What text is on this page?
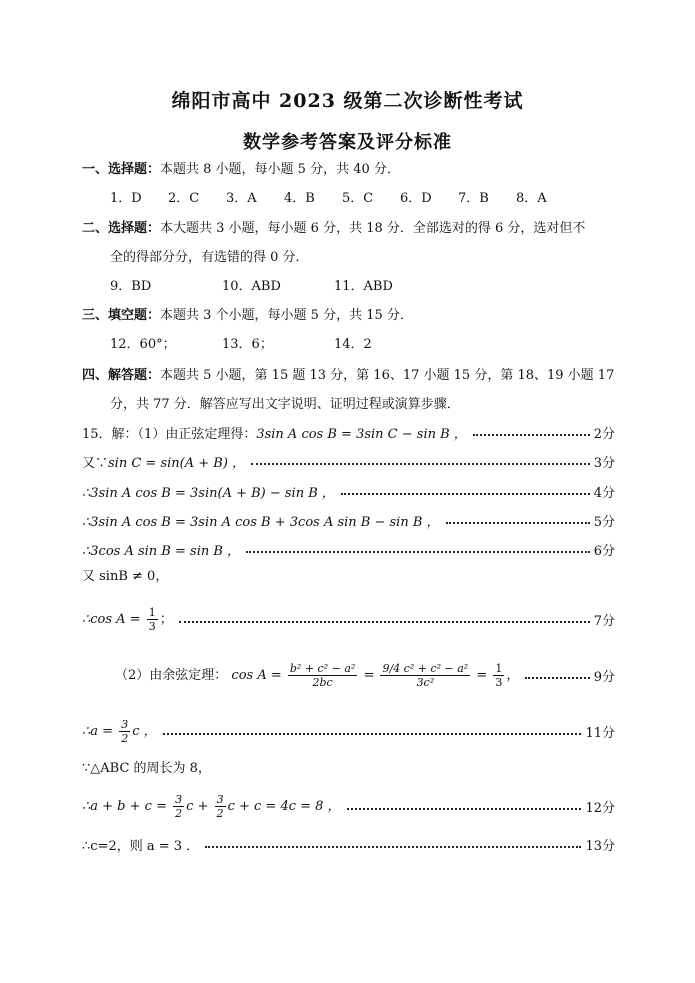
绵阳市高中 2023 级第二次诊断性考试
数学参考答案及评分标准
一、选择题：本题共 8 小题，每小题 5 分，共 40 分．
1．D 2．C 3．A 4．B 5．C 6．D 7．B 8．A
二、选择题：本大题共 3 小题，每小题 6 分，共 18 分．全部选对的得 6 分，选对但不
全的得部分分，有选错的得 0 分．
9．BD	10．ABD	11．ABD
三、填空题：本题共 3 个小题，每小题 5 分，共 15 分．
12．60°；	13．6；	14．2
四、解答题：本题共 5 小题，第 15 题 13 分，第 16、17 小题 15 分，第 18、19 小题 17
分，共 77 分．解答应写出文字说明、证明过程或演算步骤．
15．解：（1）由正弦定理得：3sin A cos B = 3sin C − sin B ，	2分
又∵sin C = sin(A + B) ，	3分
∴3sin A cos B = 3sin(A + B) − sin B ，	4分
∴3sin A cos B = 3sin A cos B + 3cos A sin B − sin B ，	5分
∴3cos A sin B = sin B ，	6分
又 sinB ≠ 0，
∴cos $A = \frac{1}{3}$ ；	7分
（2）由余弦定理： $\cos A = \frac{\text{b² + c² − a²}}{2bc} = \frac{\text{9/4 c² + c² − a²}}{\text{3c²}} = \frac{1}{3}$ ，	9分
∴a = $\frac{3}{2}$ c ，	11分
∵△ABC 的周长为 8，
∴a + $b + c = \frac{3}{2}$ $c + \frac{3}{2}$ c + c = 4c = 8 ，	12分
∴c=2，则 a = 3 ．	13分
